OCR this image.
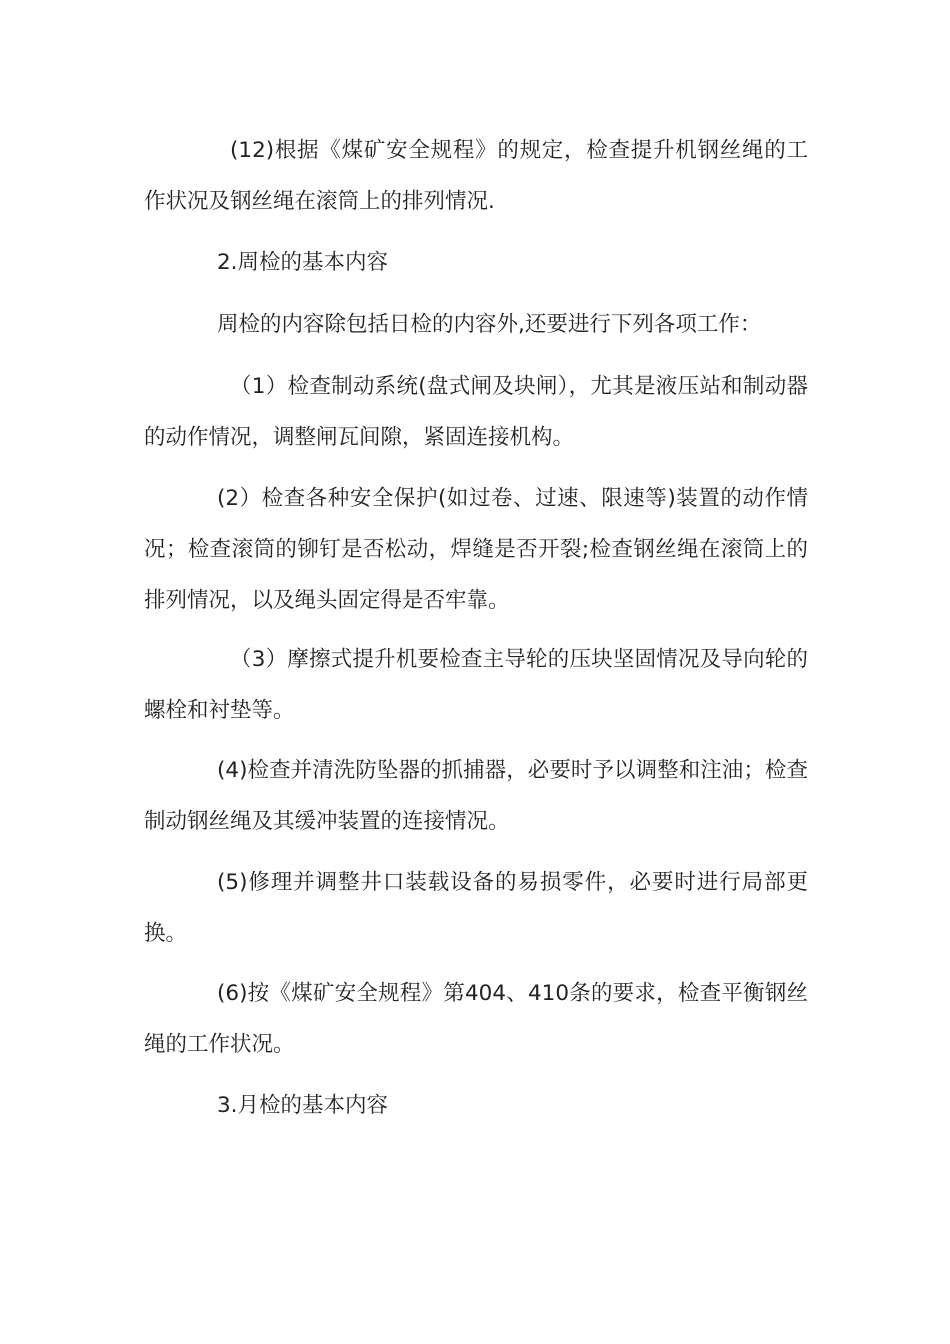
(12)根据《煤矿安全规程》的规定，检查提升机钢丝绳的工作状况及钢丝绳在滚筒上的排列情况.

2.周检的基本内容

周检的内容除包括日检的内容外,还要进行下列各项工作：

（1）检查制动系统(盘式闸及块闸），尤其是液压站和制动器的动作情况，调整闸瓦间隙，紧固连接机构。

(2）检查各种安全保护(如过卷、过速、限速等)装置的动作情况；检查滚筒的铆钉是否松动，焊缝是否开裂;检查钢丝绳在滚筒上的排列情况，以及绳头固定得是否牢靠。

（3）摩擦式提升机要检查主导轮的压块坚固情况及导向轮的螺栓和衬垫等。

(4)检查并清洗防坠器的抓捕器，必要时予以调整和注油；检查制动钢丝绳及其缓冲装置的连接情况。

(5)修理并调整井口装载设备的易损零件，必要时进行局部更换。

(6)按《煤矿安全规程》第404、410条的要求，检查平衡钢丝绳的工作状况。

3.月检的基本内容
